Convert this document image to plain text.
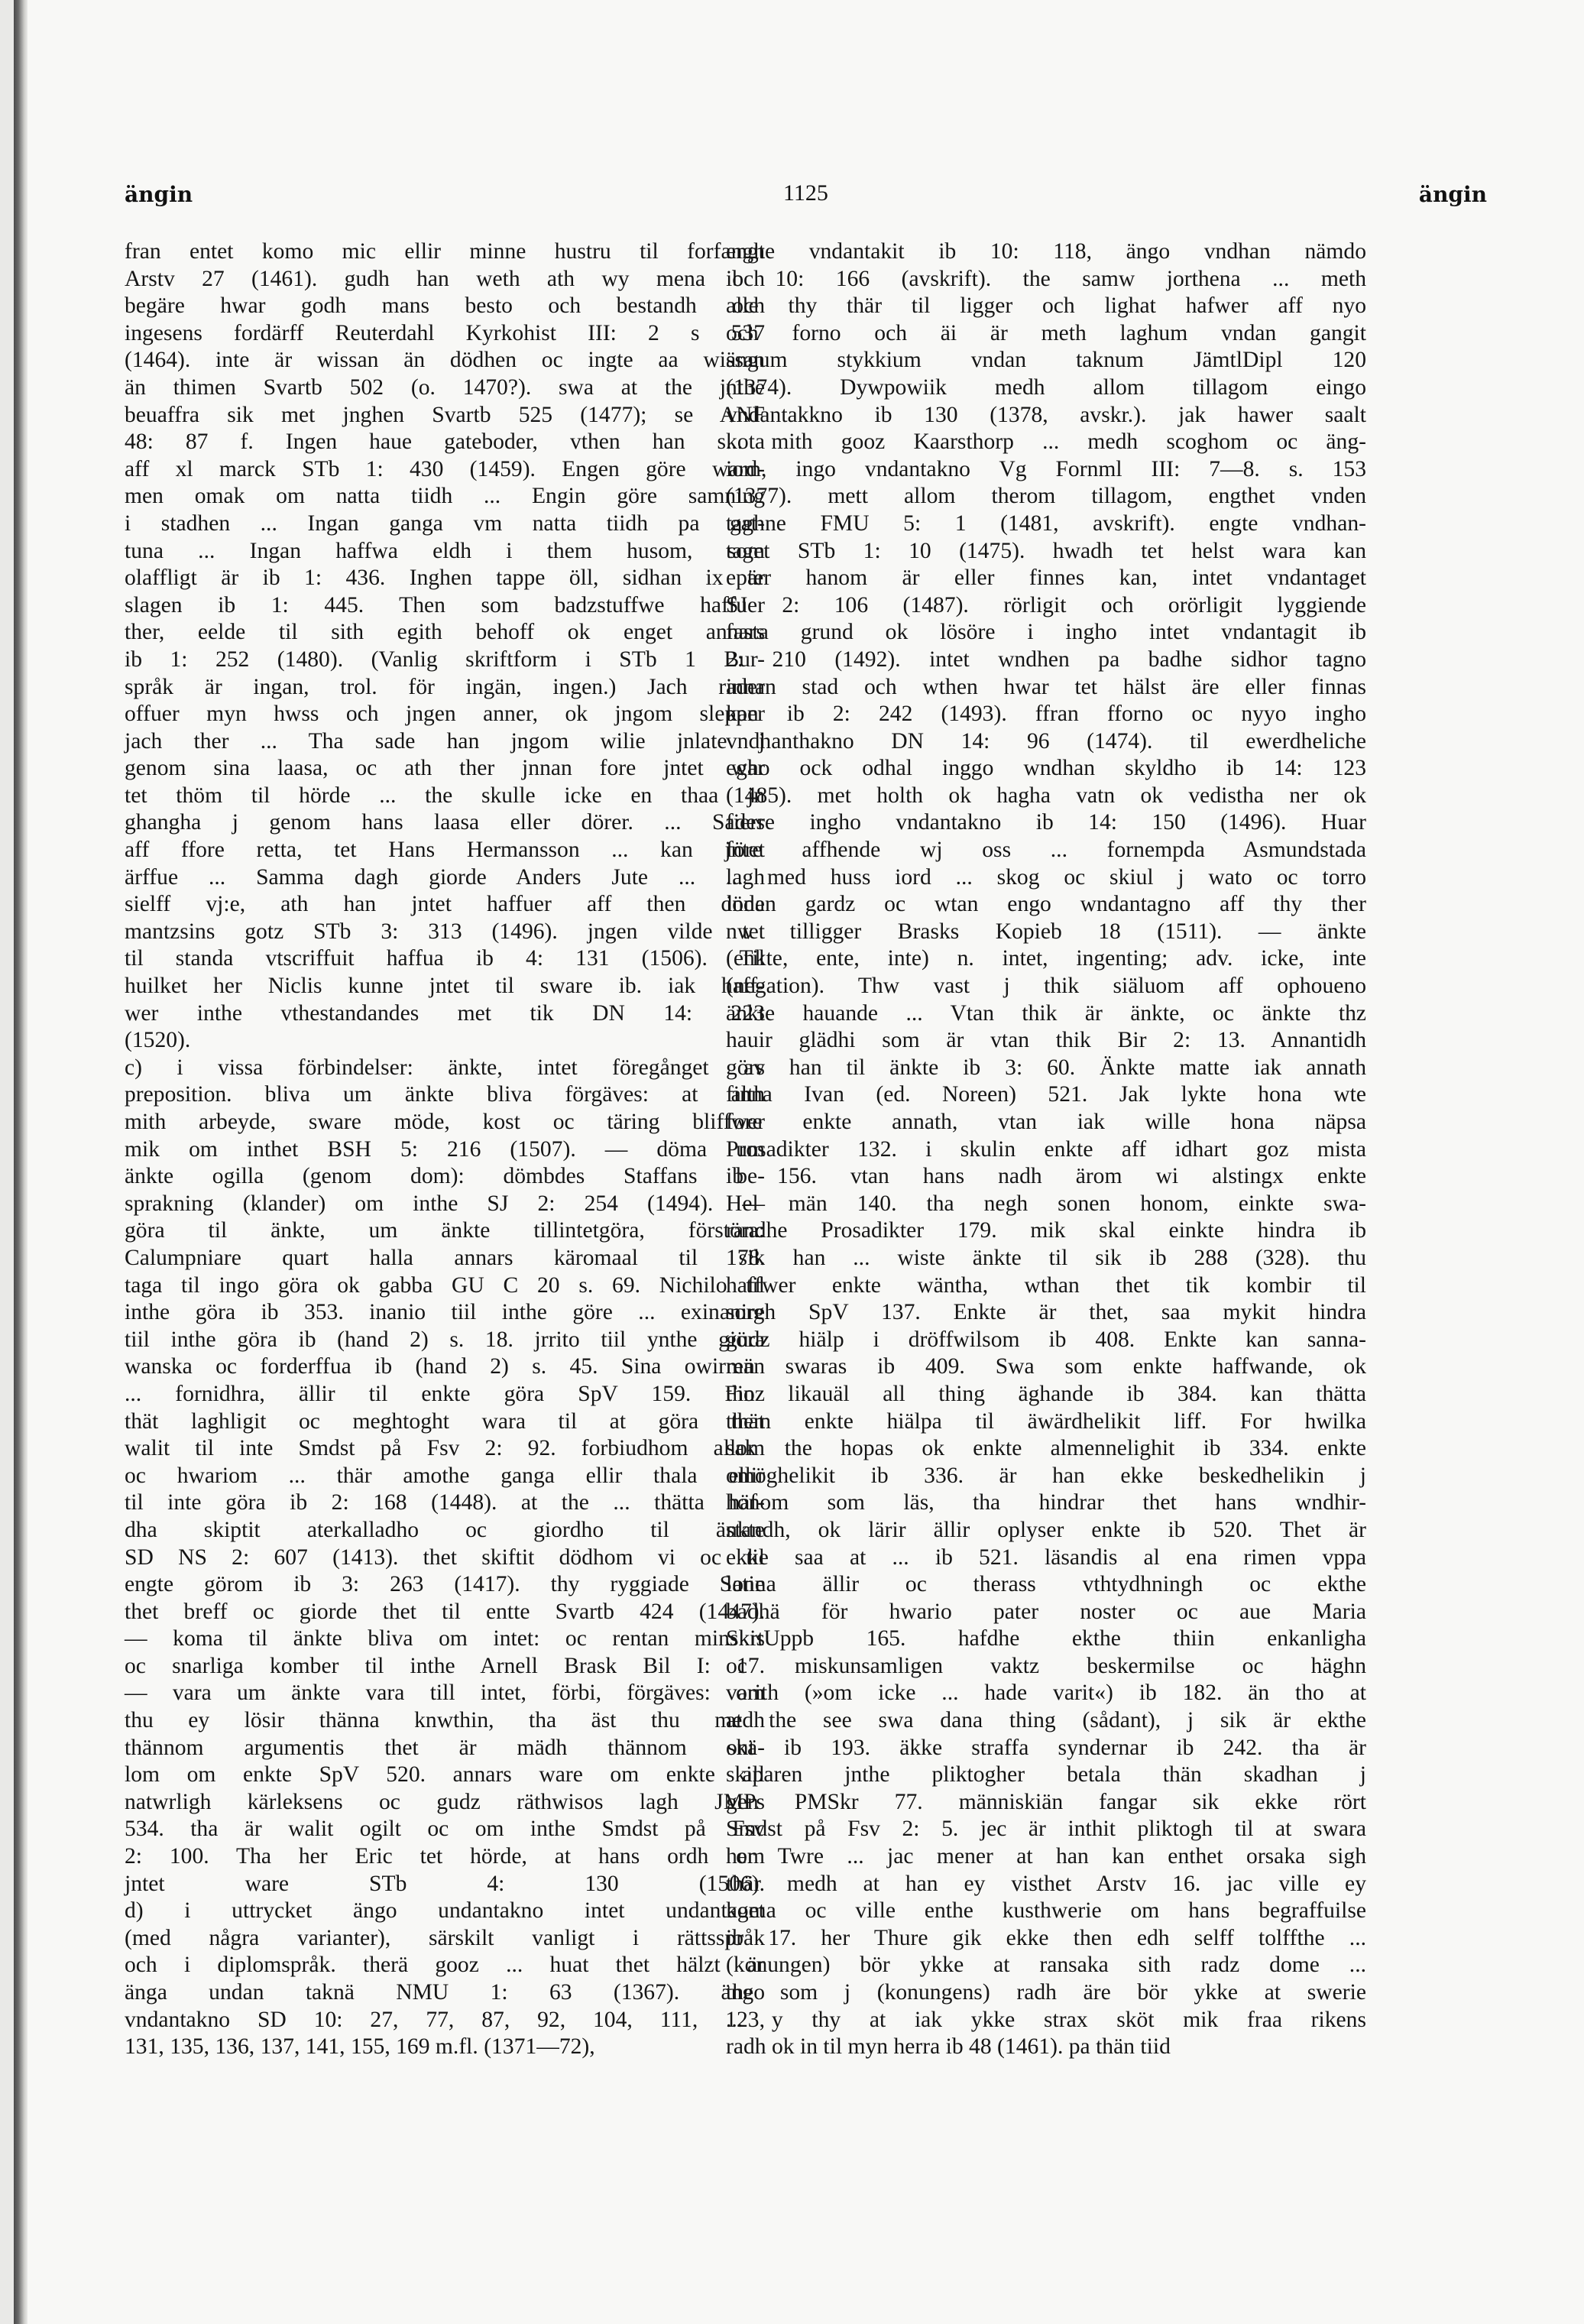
ängin	1125	ängin
fran entet komo mic ellir minne hustru til forfangh
Arstv 27 (1461). gudh han weth ath wy mena och
begäre hwar godh mans besto och bestandh och
ingesens fordärff Reuterdahl Kyrkohist III: 2 s 537
(1464). inte är wissan än dödhen oc ingte aa wissan
än thimen Svartb 502 (o. 1470?). swa at the jnthe
beuaffra sik met jnghen Svartb 525 (1477); se ANF
48: 87 f. Ingen haue gateboder, vthen han skota
aff xl marck STb 1: 430 (1459). Engen göre ward-
men omak om natta tiidh ... Engin göre samning
i stadhen ... Ingan ganga vm natta tiidh pa gat-
tuna ... Ingan haffwa eldh i them husom, som
olaffligt är ib 1: 436. Inghen tappe öll, sidhan ix är
slagen ib 1: 445. Then som badzstuffwe haffuer
ther, eelde til sith egith behoff ok enget annars
ib 1: 252 (1480). (Vanlig skriftform i STb 1 Bur-
språk är ingan, trol. för ingän, ingen.) Jach rader
offuer myn hwss och jngen anner, ok jngom slepper
jach ther ... Tha sade han jngom wilie jnlate j
genom sina laasa, oc ath ther jnnan fore jntet war
tet thöm til hörde ... the skulle icke en thaa jn
ghangha j genom hans laasa eller dörer. ... Sades
aff ffore retta, tet Hans Hermansson ... kan jntet
ärffue ... Samma dagh giorde Anders Jute ... lagh
sielff vj:e, ath han jntet haffuer aff then döde
mantzsins gotz STb 3: 313 (1496). jngen vilde tet
til standa vtscriffuit haffua ib 4: 131 (1506). Til
huilket her Niclis kunne jntet til sware ib. iak haff-
wer inthe vthestandandes met tik DN 14: 223
(1520).
c) i vissa förbindelser: änkte, intet föregånget av
preposition. bliva um änkte bliva förgäves: at alth
mith arbeyde, sware möde, kost oc täring bliffwer
mik om inthet BSH 5: 216 (1507). — döma um
änkte ogilla (genom dom): dömbdes Staffans be-
sprakning (klander) om inthe SJ 2: 254 (1494). —
göra til änkte, um änkte tillintetgöra, förstöra:
Calumpniare quart halla annars käromaal til sik
taga til ingo göra ok gabba GU C 20 s. 69. Nichilo til
inthe göra ib 353. inanio tiil inthe göre ... exinanire
tiil inthe göra ib (hand 2) s. 18. jrrito tiil ynthe giöra
wanska oc forderffua ib (hand 2) s. 45. Sina owirmän
... fornidhra, ällir til enkte göra SpV 159. Finz
thät laghligit oc meghtoght wara til at göra thät
walit til inte Smdst på Fsv 2: 92. forbiudhom allom
oc hwariom ... thär amothe ganga ellir thala ellir
til inte göra ib 2: 168 (1448). at the ... thätta häf-
dha skiptit aterkalladho oc giordho til änkte
SD NS 2: 607 (1413). thet skiftit dödhom vi oc til
engte görom ib 3: 263 (1417). thy ryggiade Sone
thet breff oc giorde thet til entte Svartb 424 (1447).
— koma til änkte bliva om intet: oc rentan minskis
oc snarliga komber til inthe Arnell Brask Bil I: 17.
— vara um änkte vara till intet, förbi, förgäves: om
thu ey lösir thänna knwthin, tha äst thu medh
thännom argumentis thet är mädh thännom skä-
lom om enkte SpV 520. annars ware om enkte all
natwrligh kärleksens oc gudz räthwisos lagh JMPs
534. tha är walit ogilt oc om inthe Smdst på Fsv
2: 100. Tha her Eric tet hörde, at hans ordh om
jntet ware STb 4: 130 (1506).
d) i uttrycket ängo undantakno intet undantaget
(med några varianter), särskilt vanligt i rättsspråk
och i diplomspråk. therä gooz ... huat thet hälzt är
änga undan taknä NMU 1: 63 (1367). ängo
vndantakno SD 10: 27, 77, 87, 92, 104, 111, 123,
131, 135, 136, 137, 141, 155, 169 m.fl. (1371—72),
engte vndantakit ib 10: 118, ängo vndhan nämdo
ib 10: 166 (avskrift). the samw jorthena ... meth
alle thy thär til ligger och lighat hafwer aff nyo
och forno och äi är meth laghum vndan gangit
ängum stykkium vndan taknum JämtlDipl 120
(1374). Dywpowiik medh allom tillagom eingo
vndantakkno ib 130 (1378, avskr.). jak hawer saalt
... mith gooz Kaarsthorp ... medh scoghom oc äng-
iom, ingo vndantakno Vg Fornml III: 7—8. s. 153
(1377). mett allom therom tillagom, engthet vnden
taghne FMU 5: 1 (1481, avskrift). engte vndhan-
taget STb 1: 10 (1475). hwadh tet helst wara kan
epter hanom är eller finnes kan, intet vndantaget
SJ 2: 106 (1487). rörligit och orörligit lyggiende
fasta grund ok lösöre i ingho intet vndantagit ib
2: 210 (1492). intet wndhen pa badhe sidhor tagno
innan stad och wthen hwar tet hälst äre eller finnas
kan ib 2: 242 (1493). ffran fforno oc nyyo ingho
vndhanthakno DN 14: 96 (1474). til ewerdheliche
egho ock odhal inggo wndhan skyldho ib 14: 123
(1485). met holth ok hagha vatn ok vedistha ner ok
fierre ingho vndantakno ib 14: 150 (1496). Huar
före affhende wj oss ... fornempda Asmundstada
... med huss iord ... skog oc skiul j wato oc torro
innan gardz oc wtan engo wndantagno aff thy ther
nw tilligger Brasks Kopieb 18 (1511). — änkte
(enkte, ente, inte) n. intet, ingenting; adv. icke, inte
(negation). Thw vast j thik siäluom aff ophoueno
änkte hauande ... Vtan thik är änkte, oc änkte thz
hauir glädhi som är vtan thik Bir 2: 13. Annantidh
görs han til änkte ib 3: 60. Änkte matte iak annath
finna Ivan (ed. Noreen) 521. Jak lykte hona wte
fore enkte annath, vtan iak wille hona näpsa
Prosadikter 132. i skulin enkte aff idhart goz mista
ib 156. vtan hans nadh ärom wi alstingx enkte
Hel män 140. tha negh sonen honom, einkte swa-
randhe Prosadikter 179. mik skal einkte hindra ib
178. han ... wiste änkte til sik ib 288 (328). thu
haffwer enkte wäntha, wthan thet tik kombir til
sorgh SpV 137. Enkte är thet, saa mykit hindra
gudz hiälp i dröffwilsom ib 408. Enkte kan sanna-
ren swaras ib 409. Swa som enkte haffwande, ok
tho likauäl all thing äghande ib 384. kan thätta
them enkte hiälpa til äwärdhelikit liff. For hwilka
sak the hopas ok enkte almennelighit ib 334. enkte
omöghelikit ib 336. är han ekke beskedhelikin j
honom som läs, tha hindrar thet hans wndhir-
standh, ok lärir ällir oplyser enkte ib 520. Thet är
ekke saa at ... ib 521. läsandis al ena rimen vppa
latina ällir oc therass vthtydhningh oc ekthe
badhä för hwario pater noster oc aue Maria
SkrtUppb 165. hafdhe ekthe thiin enkanligha
oc miskunsamligen vaktz beskermilse oc häghn
varith (»om icke ... hade varit«) ib 182. än tho at
at the see swa dana thing (sådant), j sik är ekthe
ont ib 193. äkke straffa syndernar ib 242. tha är
skiparen jnthe pliktogher betala thän skadhan j
gen PMSkr 77. människiän fangar sik ekke rört
Smdst på Fsv 2: 5. jec är inthit pliktogh til at swara
her Twre ... jac mener at han kan enthet orsaka sigh
thär medh at han ey visthet Arstv 16. jac ville ey
koma oc ville enthe kusthwerie om hans begraffuilse
ib 17. her Thure gik ekke then edh selff tolffthe ...
(konungen) bör ykke at ransaka sith radz dome ...
the som j (konungens) radh äre bör ykke at swerie
... y thy at iak ykke strax sköt mik fraa rikens
radh ok in til myn herra ib 48 (1461). pa thän tiid
